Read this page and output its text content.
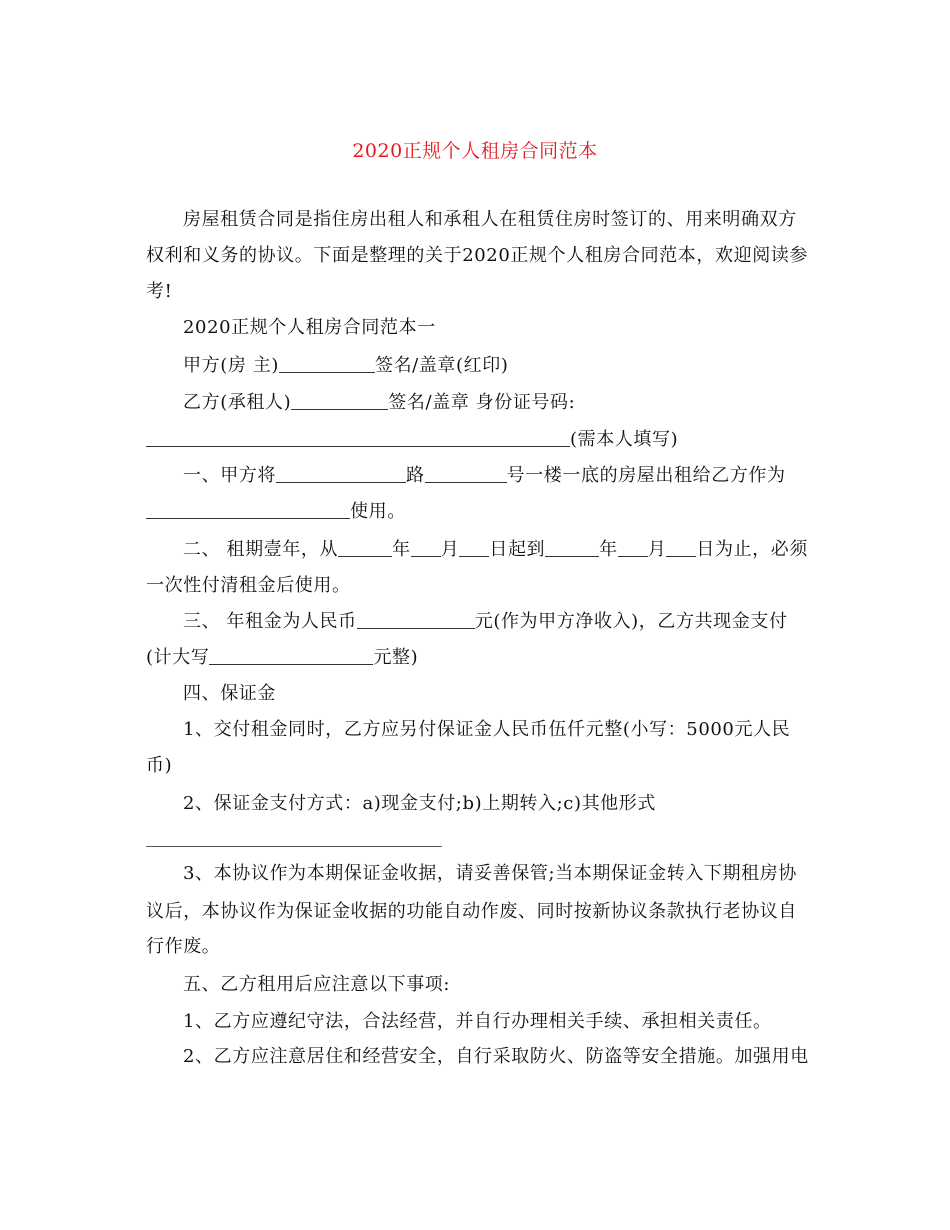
2020正规个人租房合同范本
房屋租赁合同是指住房出租人和承租人在租赁住房时签订的、用来明确双方
权利和义务的协议。下面是整理的关于2020正规个人租房合同范本，欢迎阅读参
考!
2020正规个人租房合同范本一
甲方(房 主)	签名/盖章(红印)
乙方(承租人)	签名/盖章 身份证号码:
(需本人填写)
一、甲方将	路	号一楼一底的房屋出租给乙方作为
使用。
二、 租期壹年，从	年 月 日起到	年 月 日为止，必须
一次性付清租金后使用。
三、 年租金为人民币	元(作为甲方净收入)，乙方共现金支付
(计大写	元整)
四、保证金
1、交付租金同时，乙方应另付保证金人民币伍仟元整(小写：5000元人民
币)
2、保证金支付方式：a)现金支付;b)上期转入;c)其他形式
3、本协议作为本期保证金收据，请妥善保管;当本期保证金转入下期租房协
议后，本协议作为保证金收据的功能自动作废、同时按新协议条款执行老协议自
行作废。
五、乙方租用后应注意以下事项:
1、乙方应遵纪守法，合法经营，并自行办理相关手续、承担相关责任。
2、乙方应注意居住和经营安全，自行采取防火、防盗等安全措施。加强用电
